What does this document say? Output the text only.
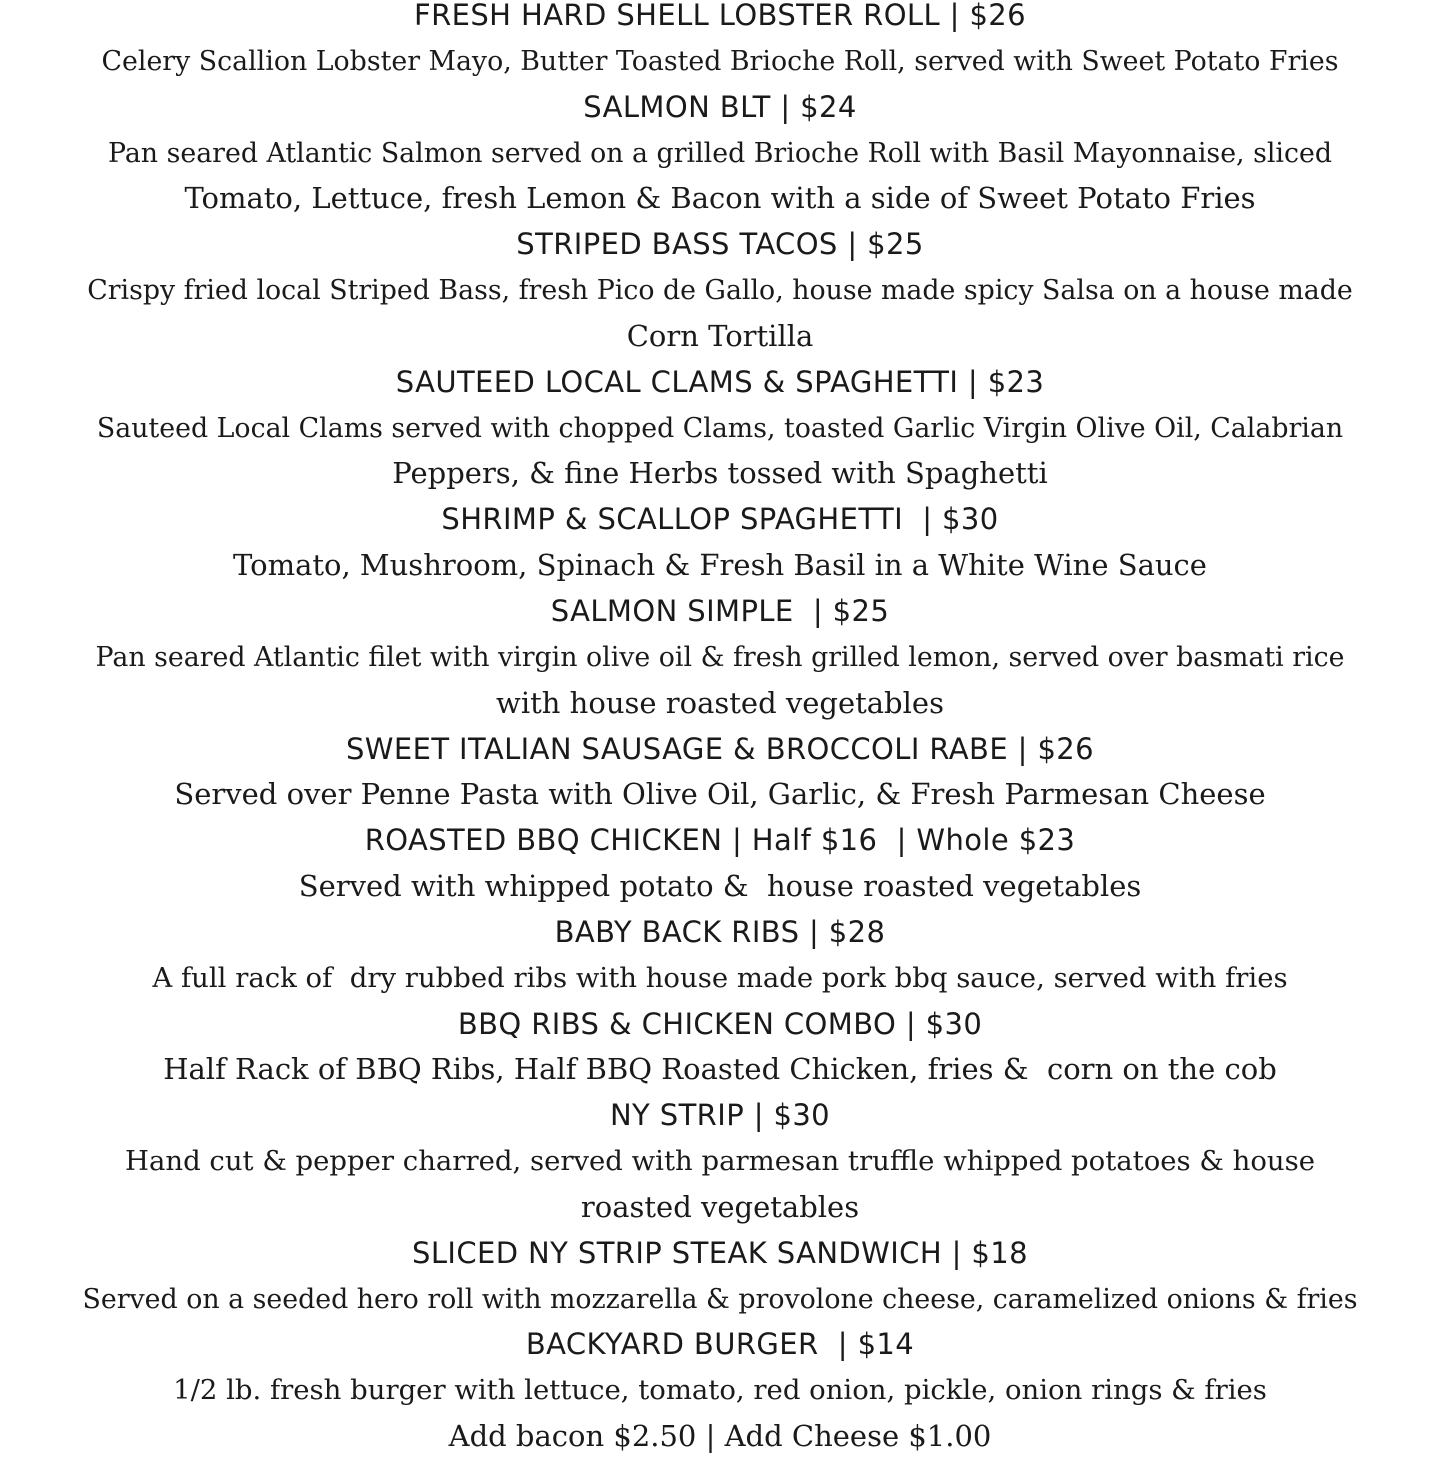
FRESH HARD SHELL LOBSTER ROLL | $26
Celery Scallion Lobster Mayo, Butter Toasted Brioche Roll, served with Sweet Potato Fries
SALMON BLT | $24
Pan seared Atlantic Salmon served on a grilled Brioche Roll with Basil Mayonnaise, sliced
Tomato, Lettuce, fresh Lemon & Bacon with a side of Sweet Potato Fries
STRIPED BASS TACOS | $25
Crispy fried local Striped Bass, fresh Pico de Gallo, house made spicy Salsa on a house made
Corn Tortilla
SAUTEED LOCAL CLAMS & SPAGHETTI | $23
Sauteed Local Clams served with chopped Clams, toasted Garlic Virgin Olive Oil, Calabrian
Peppers, & fine Herbs tossed with Spaghetti
SHRIMP & SCALLOP SPAGHETTI  | $30
Tomato, Mushroom, Spinach & Fresh Basil in a White Wine Sauce
SALMON SIMPLE  | $25
Pan seared Atlantic filet with virgin olive oil & fresh grilled lemon, served over basmati rice
with house roasted vegetables
SWEET ITALIAN SAUSAGE & BROCCOLI RABE | $26
Served over Penne Pasta with Olive Oil, Garlic, & Fresh Parmesan Cheese
ROASTED BBQ CHICKEN | Half $16  | Whole $23
Served with whipped potato &  house roasted vegetables
BABY BACK RIBS | $28
A full rack of  dry rubbed ribs with house made pork bbq sauce, served with fries
BBQ RIBS & CHICKEN COMBO | $30
Half Rack of BBQ Ribs, Half BBQ Roasted Chicken, fries &  corn on the cob
NY STRIP | $30
Hand cut & pepper charred, served with parmesan truffle whipped potatoes & house
roasted vegetables
SLICED NY STRIP STEAK SANDWICH | $18
Served on a seeded hero roll with mozzarella & provolone cheese, caramelized onions & fries
BACKYARD BURGER  | $14
1/2 lb. fresh burger with lettuce, tomato, red onion, pickle, onion rings & fries
Add bacon $2.50 | Add Cheese $1.00
